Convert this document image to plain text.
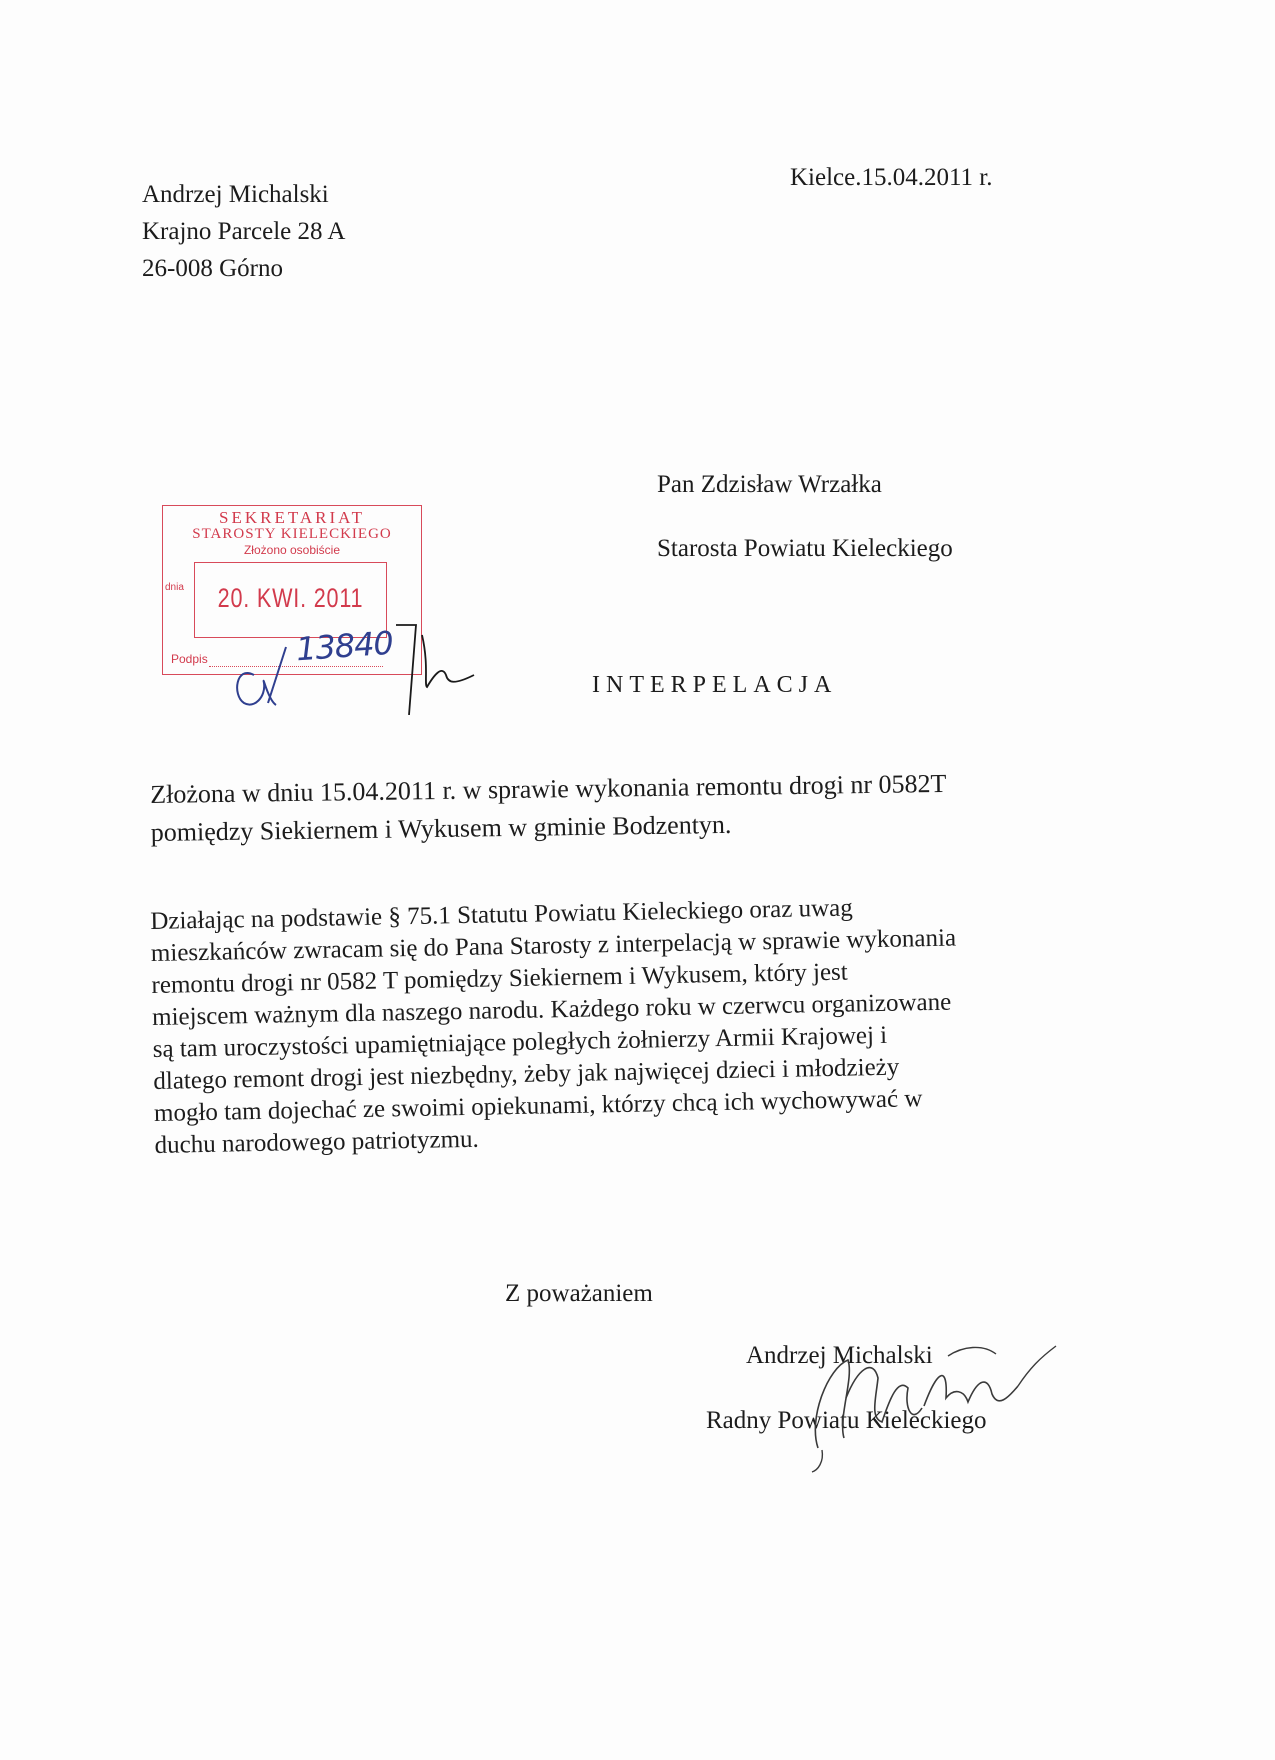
Andrzej Michalski
Krajno Parcele 28 A
26-008 Górno
Kielce.15.04.2011 r.
Pan Zdzisław Wrzałka
Starosta Powiatu Kieleckiego
SEKRETARIAT
STAROSTY KIELECKIEGO
Złożono osobiście
dnia 20. KWI. 2011
Podpis	13840
INTERPELACJA
Złożona w dniu 15.04.2011 r. w sprawie wykonania remontu drogi nr 0582T
pomiędzy Siekiernem i Wykusem w gminie Bodzentyn.
Działając na podstawie § 75.1 Statutu Powiatu Kieleckiego oraz uwag
mieszkańców zwracam się do Pana Starosty z interpelacją w sprawie wykonania
remontu drogi nr 0582 T pomiędzy Siekiernem i Wykusem, który jest
miejscem ważnym dla naszego narodu. Każdego roku w czerwcu organizowane
są tam uroczystości upamiętniające poległych żołnierzy Armii Krajowej i
dlatego remont drogi jest niezbędny, żeby jak najwięcej dzieci i młodzieży
mogło tam dojechać ze swoimi opiekunami, którzy chcą ich wychowywać w
duchu narodowego patriotyzmu.
Z poważaniem
Andrzej Michalski
Radny Powiatu Kieleckiego
